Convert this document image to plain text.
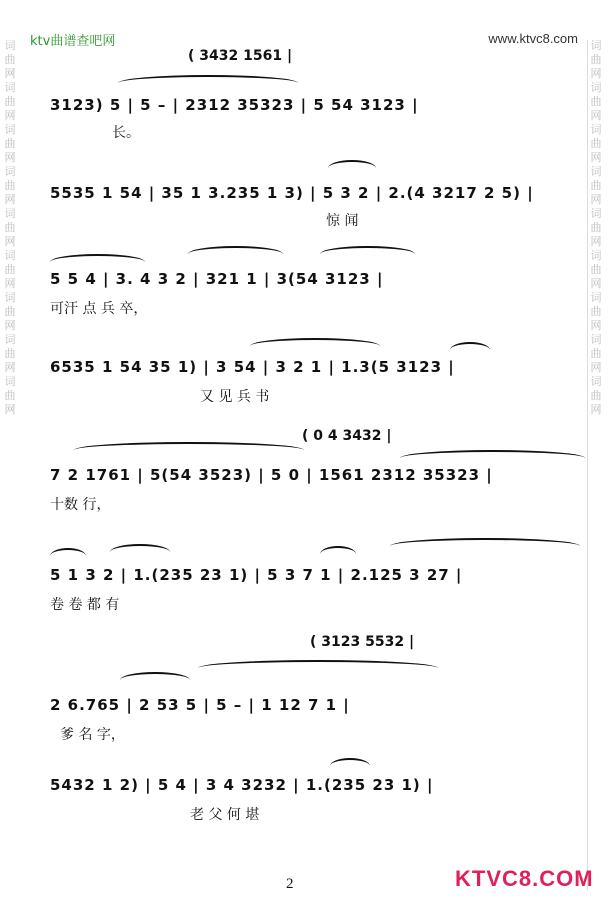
ktv曲谱查吧网	www.ktvc8.com
词
曲
网
词
曲
网
词
曲
网
词
曲
网
词
曲
网
词
曲
网
词
曲
网
词
曲
网
词
曲
网
词
曲
网
词
曲
网
词
曲
网
词
曲
网
词
曲
网
词
曲
网
词
曲
网
词
曲
网
词
曲
网
( 3432 1561 |
3123) 5 | 5 – | 2312 35323 | 5 54 3123 |
长。
5535 1 54 | 35 1 3.235 1 3) | 5 3 2 | 2.(4 3217 2 5) |
惊 闻
5 5 4 | 3. 4 3 2 | 321 1 | 3(54 3123 |
可汗 点 兵 卒，
6535 1 54 35 1) | 3 54 | 3 2 1 | 1.3(5 3123 |
又 见 兵 书
( 0 4 3432 |
7 2 1761 | 5(54 3523) | 5 0 | 1561 2312 35323 |
十数 行，
5 1 3 2 | 1.(235 23 1) | 5 3 7 1 | 2.125 3 27 |
卷 卷 都 有
( 3123 5532 |
2 6.765 | 2 53 5 | 5 – | 1 12 7 1 |
爹 名 字，
5432 1 2) | 5 4 | 3 4 3232 | 1.(235 23 1) |
老 父 何 堪
2	KTVC8.COM
